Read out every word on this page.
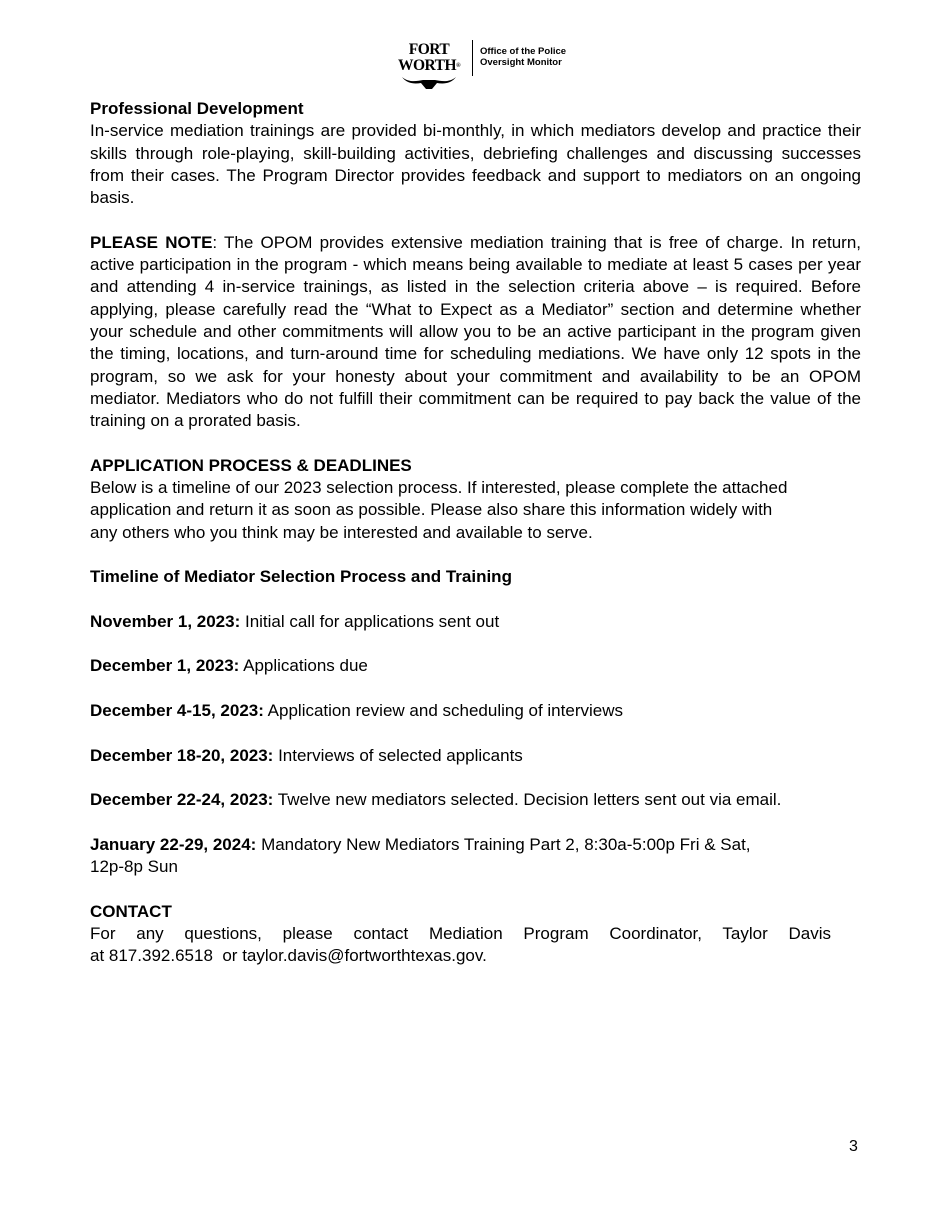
FORT WORTH®
Office of the Police
Oversight Monitor

Professional Development

In-service mediation trainings are provided bi-monthly, in which mediators develop and practice their skills through role-playing, skill-building activities, debriefing challenges and discussing successes from their cases. The Program Director provides feedback and support to mediators on an ongoing basis.

PLEASE NOTE: The OPOM provides extensive mediation training that is free of charge. In return, active participation in the program - which means being available to mediate at least 5 cases per year and attending 4 in-service trainings, as listed in the selection criteria above – is required. Before applying, please carefully read the “What to Expect as a Mediator” section and determine whether your schedule and other commitments will allow you to be an active participant in the program given the timing, locations, and turn-around time for scheduling mediations. We have only 12 spots in the program, so we ask for your honesty about your commitment and availability to be an OPOM mediator. Mediators who do not fulfill their commitment can be required to pay back the value of the training on a prorated basis.

APPLICATION PROCESS & DEADLINES

Below is a timeline of our 2023 selection process. If interested, please complete the attached

application and return it as soon as possible. Please also share this information widely with

any others who you think may be interested and available to serve.

Timeline of Mediator Selection Process and Training

November 1, 2023: Initial call for applications sent out

December 1, 2023: Applications due

December 4-15, 2023: Application review and scheduling of interviews

December 18-20, 2023: Interviews of selected applicants

December 22-24, 2023: Twelve new mediators selected. Decision letters sent out via email.

January 22-29, 2024: Mandatory New Mediators Training Part 2, 8:30a-5:00p Fri & Sat,

12p-8p Sun

CONTACT

For any questions, please contact Mediation Program Coordinator, Taylor Davis

at 817.392.6518  or taylor.davis@fortworthtexas.gov.

3
